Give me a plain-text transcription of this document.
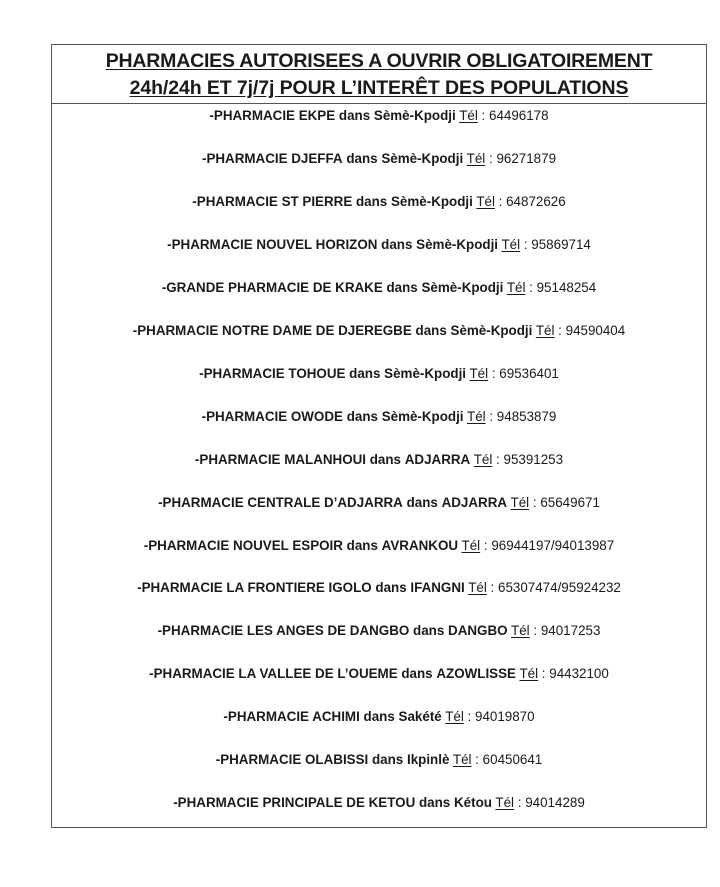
PHARMACIES AUTORISEES A OUVRIR OBLIGATOIREMENT
24h/24h ET 7j/7j POUR L’INTERÊT DES POPULATIONS
-PHARMACIE EKPE dans Sèmè-Kpodji Tél : 64496178
-PHARMACIE DJEFFA dans Sèmè-Kpodji Tél : 96271879
-PHARMACIE ST PIERRE dans Sèmè-Kpodji Tél : 64872626
-PHARMACIE NOUVEL HORIZON dans Sèmè-Kpodji Tél : 95869714
-GRANDE PHARMACIE DE KRAKE dans Sèmè-Kpodji Tél : 95148254
-PHARMACIE NOTRE DAME DE DJEREGBE dans Sèmè-Kpodji Tél : 94590404
-PHARMACIE TOHOUE dans Sèmè-Kpodji Tél : 69536401
-PHARMACIE OWODE dans Sèmè-Kpodji Tél : 94853879
-PHARMACIE MALANHOUI dans ADJARRA Tél : 95391253
-PHARMACIE CENTRALE D’ADJARRA dans ADJARRA Tél : 65649671
-PHARMACIE NOUVEL ESPOIR dans AVRANKOU Tél : 96944197/94013987
-PHARMACIE LA FRONTIERE IGOLO dans IFANGNI Tél : 65307474/95924232
-PHARMACIE LES ANGES DE DANGBO dans DANGBO Tél : 94017253
-PHARMACIE LA VALLEE DE L’OUEME dans AZOWLISSE Tél : 94432100
-PHARMACIE ACHIMI dans Sakété Tél : 94019870
-PHARMACIE OLABISSI dans Ikpinlè Tél : 60450641
-PHARMACIE PRINCIPALE DE KETOU dans Kétou Tél : 94014289
